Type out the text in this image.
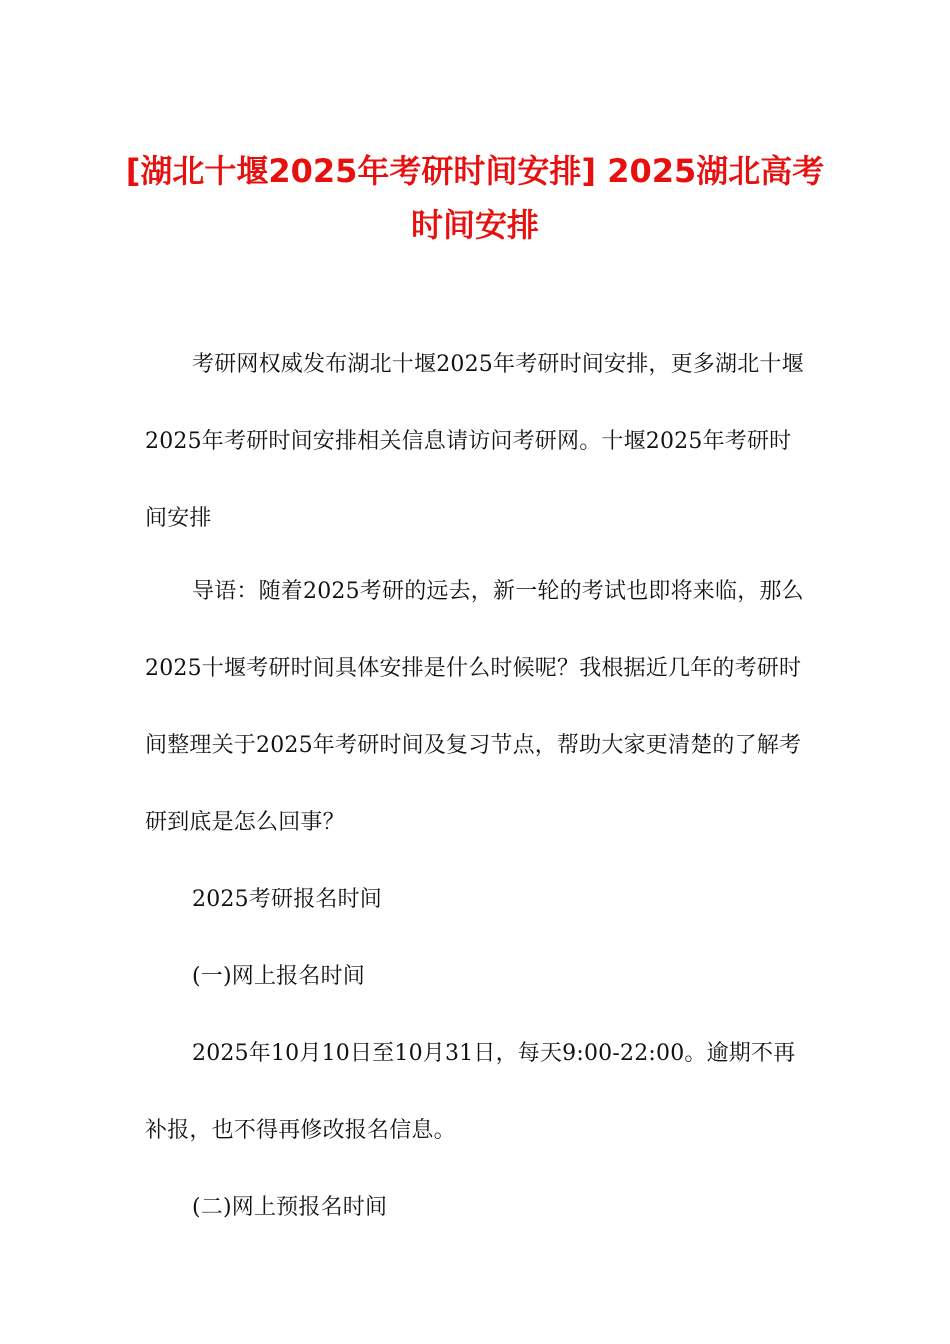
[湖北十堰2025年考研时间安排] 2025湖北高考时间安排

考研网权威发布湖北十堰2025年考研时间安排，更多湖北十堰2025年考研时间安排相关信息请访问考研网。十堰2025年考研时间安排

导语：随着2025考研的远去，新一轮的考试也即将来临，那么2025十堰考研时间具体安排是什么时候呢？我根据近几年的考研时间整理关于2025年考研时间及复习节点，帮助大家更清楚的了解考研到底是怎么回事？

2025考研报名时间

(一)网上报名时间

2025年10月10日至10月31日，每天9:00-22:00。逾期不再补报，也不得再修改报名信息。

(二)网上预报名时间
